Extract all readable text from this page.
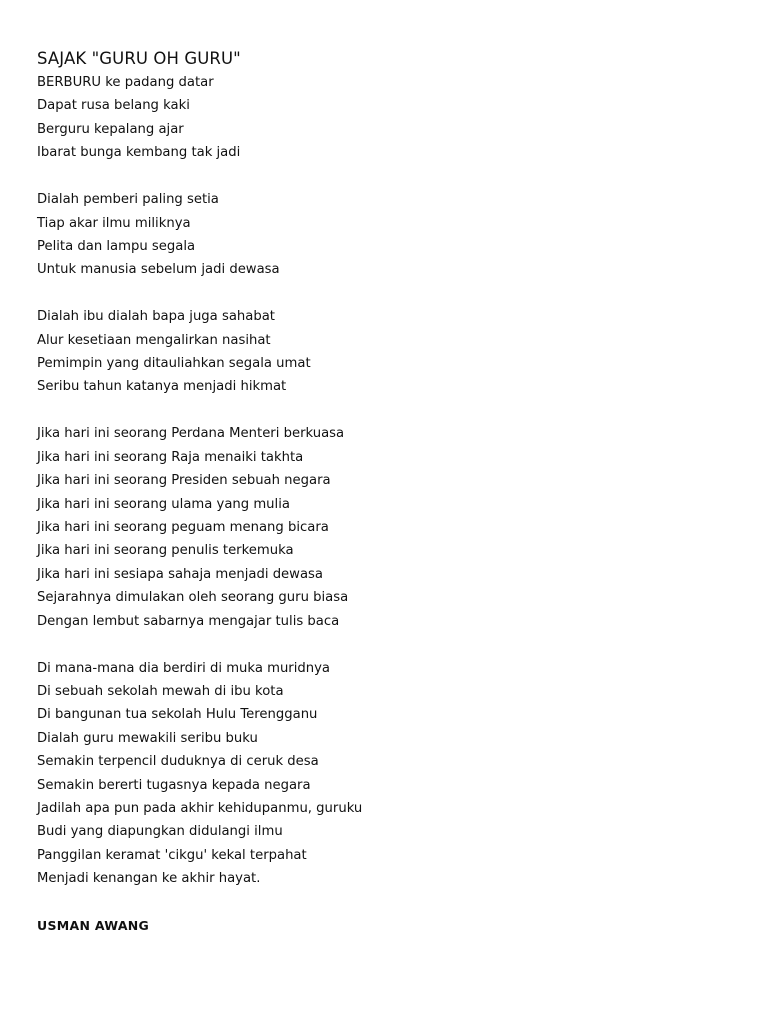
SAJAK "GURU OH GURU"
BERBURU ke padang datar
Dapat rusa belang kaki
Berguru kepalang ajar
Ibarat bunga kembang tak jadi
Dialah pemberi paling setia
Tiap akar ilmu miliknya
Pelita dan lampu segala
Untuk manusia sebelum jadi dewasa
Dialah ibu dialah bapa juga sahabat
Alur kesetiaan mengalirkan nasihat
Pemimpin yang ditauliahkan segala umat
Seribu tahun katanya menjadi hikmat
Jika hari ini seorang Perdana Menteri berkuasa
Jika hari ini seorang Raja menaiki takhta
Jika hari ini seorang Presiden sebuah negara
Jika hari ini seorang ulama yang mulia
Jika hari ini seorang peguam menang bicara
Jika hari ini seorang penulis terkemuka
Jika hari ini sesiapa sahaja menjadi dewasa
Sejarahnya dimulakan oleh seorang guru biasa
Dengan lembut sabarnya mengajar tulis baca
Di mana-mana dia berdiri di muka muridnya
Di sebuah sekolah mewah di ibu kota
Di bangunan tua sekolah Hulu Terengganu
Dialah guru mewakili seribu buku
Semakin terpencil duduknya di ceruk desa
Semakin bererti tugasnya kepada negara
Jadilah apa pun pada akhir kehidupanmu, guruku
Budi yang diapungkan didulangi ilmu
Panggilan keramat 'cikgu' kekal terpahat
Menjadi kenangan ke akhir hayat.
USMAN AWANG
